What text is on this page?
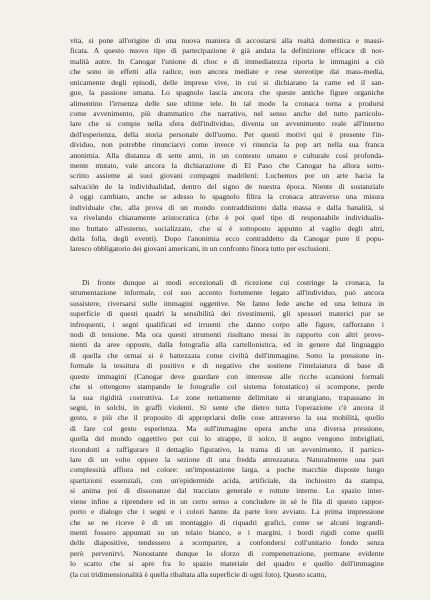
vita, si pone all'origine di una nuova maniera di accostarsi alla realtà domestica e massi-
ficata. A questo nuovo tipo di partecipazione è già andata la definizione efficace di nor-
malità autre. In Canogar l'unione di choc e di immediatezza riporta le immagini a ciò
che sono in effetti alla radice, non ancora mediate e rese stereotipe dai mass-media,
unicamente degli episodi, delle imprese vive, in cui si dichiarano la carne ed il san-
gue, la passione umana. Lo spagnolo lascia ancora che queste antiche figure organiche
alimentino l'irruenza delle sue ultime tele. In tal modo la cronaca torna a prodursi
come avvenimento, più drammatico che narrativo, nel senso anche del tutto particolo-
lare che si compie nella sfera dell'individuo, diventa un avvenimento reale all'interno
dell'esperienza, della storia personale dell'uomo. Per questi motivi qui è presente l'in-
dividuo, non potrebbe rinunciarvi come invece vi rinuncia la pop art nella sua franca
anonimia. Alla distanza di sette anni, in un contesto umano e culturale così profonda-
mente mutato, vale ancora la dichiarazione di El Paso che Canogar ha allora sotto-
scritto assieme ai suoi giovani compagni madrileni: Luchemos por un arte hacia la
salvación de la individualidad, dentro del signo de nuestra época. Niente di sostanziale
è oggi cambiato, anche se adesso lo spagnolo filtra la cronaca attraverso una misura
individuale che, alla prova di un mondo contraddistinto dalla massa e dalla banalità, si
va rivelando chiaramente aristocratica (che è poi quel tipo di responsabile individualis-
mo buttato all'esterno, socializzato, che si è sottoposto appunto al vaglio degli altri,
della folla, degli eventi). Dopo l'anonimia ecco contraddetto da Canogar pure il popu-
laresco obbligatorio dei giovani americani, in un confronto finora tutto per esclusioni.
Di fronte dunque ai modi eccezionali di ricezione cui costringe la cronaca, la
strumentazione informale, col suo accento fortemente legato all'individuo, può ancora
sussistere, riversarsi sulle immagini oggettive. Ne fanno fede anche ed una lettura in
superficie di questi quadri la sensibilità dei rivestimenti, gli spessori materici pur se
infrequenti, i segni qualificati ed irruenti che danno corpo alle figure, rafforzano i
nodi di tensione. Ma ora questi strumenti risultano messi in rapporto con altri prove-
nienti da aree opposte, dalla fotografia alla cartellonistica, ed in genere dal linguaggio
di quella che ormai si è battezzata come civiltà dell'immagine. Sotto la pressione in-
formale la tessitura di positivo e di negativo che sostiene l'intelaiatura di base di
queste immagini (Canogar deve guardare con interesse alle ricche scansioni formali
che si ottengono stampando le fotografie col sistema fotostatico) si scompone, perde
la sua rigidità costruttiva. Le zone nettamente delimitate si strangiano, trapassano in
segni, in solchi, in graffi violenti. Si sente che dietro tutta l'operazione c'è ancora il
gesto, e più che il proposito di appropriarsi delle cose attraverso la sua mobilità, quello
di fare col gesto esperienza. Ma sull'immagine opera anche una diversa pressione,
quella del mondo oggettivo per cui lo strappo, il solco, il segno vengono imbrigliati,
ricondotti a raffigurare il dettaglio figurativo, la trama di un avvenimento, il partico-
lare di un volto oppure la sezione di una fredda attrezzatura. Naturalmente una pari
complessità affiora nel colore: un'impostazione larga, a poche macchie disposte lungo
spartizioni essenziali, con un'epidermide acida, artificiale, da inchiostro da stampa,
si anima poi di dissonanze dal tracciato generale e rottute interne. Lo spazio inter-
viene infine a riprendere ed in un certo senso a concludere in sé le fila di questo rappor-
porto e dialogo che i segni e i colori hanno da parte loro avviato. La prima impressione
che se ne riceve è di un montaggio di riquadri grafici, come se alcuni ingrandi-
menti fossero appuntati su un telaio bianco, e i margini, i bordi rigidi come quelli
delle diapositive, tendessero a scomparire, a confondersi coll'unitario fondo senza
però pervenirvi. Nonostante dunque lo sforzo di compenetrazione, permane evidente
lo scarto che si apre fra lo spazio materiale del quadro e quello dell'immagine
(la cui tridimensionalità è quella ribaltata alla superficie di ogni foto). Questo scatto,
